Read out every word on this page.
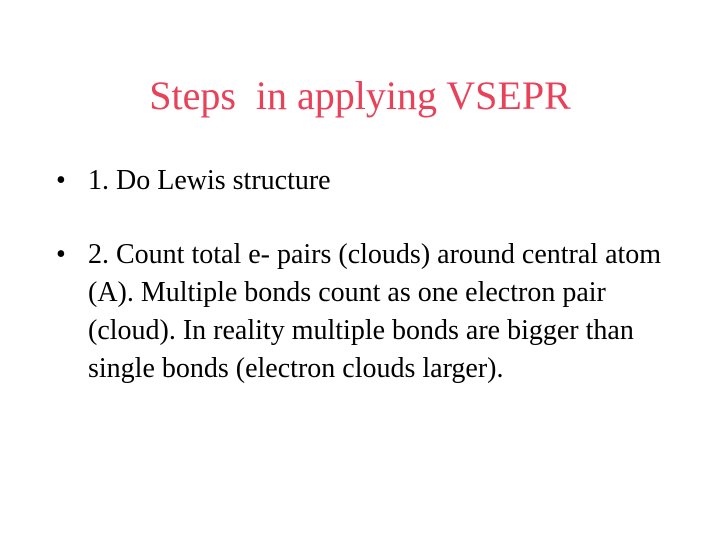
Steps  in applying VSEPR
• 1. Do Lewis structure
• 2. Count total e- pairs (clouds) around central atom (A). Multiple bonds count as one electron pair (cloud). In reality multiple bonds are bigger than single bonds (electron clouds larger).
